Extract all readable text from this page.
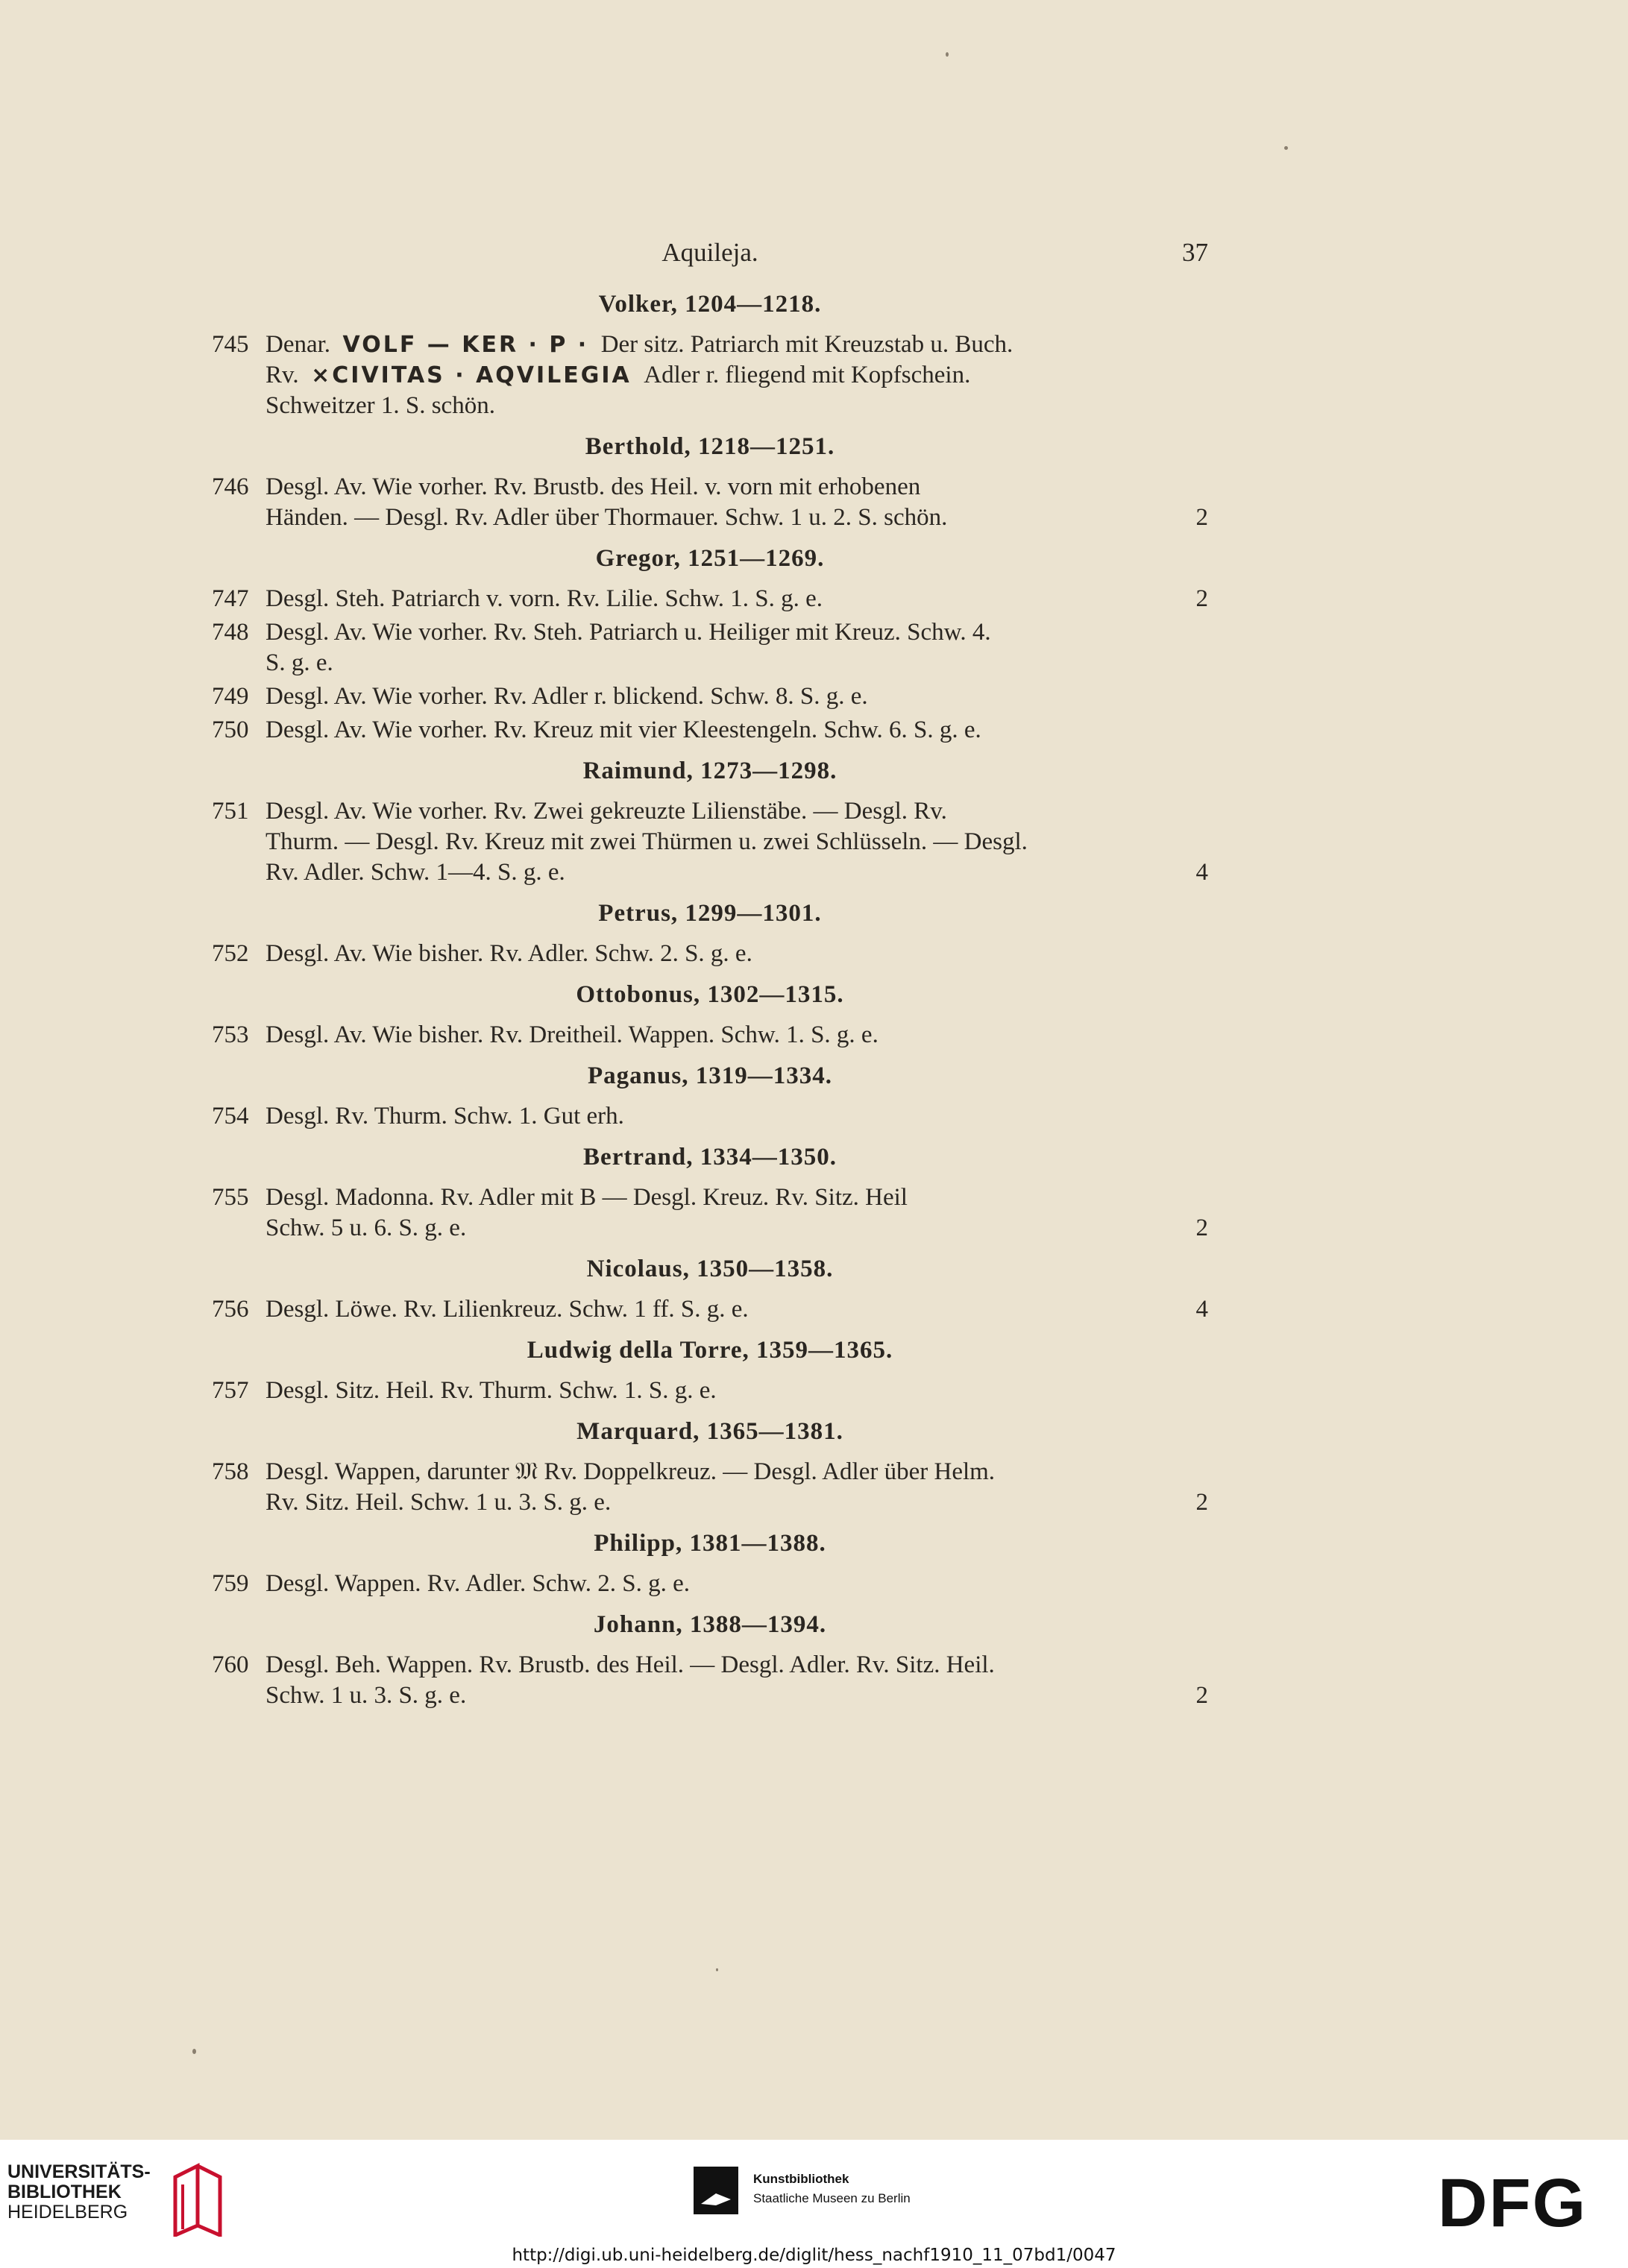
Aquileja.	37
Volker, 1204—1218.
745 Denar. VOLF — KER · P · Der sitz. Patriarch mit Kreuzstab u. Buch.
Rv. ×CIVITAS · AQVILEGIA Adler r. fliegend mit Kopfschein.
Schweitzer 1. S. schön.
Berthold, 1218—1251.
746 Desgl. Av. Wie vorher. Rv. Brustb. des Heil. v. vorn mit erhobenen
Händen. — Desgl. Rv. Adler über Thormauer. Schw. 1 u. 2. S. schön.	2
Gregor, 1251—1269.
747 Desgl. Steh. Patriarch v. vorn. Rv. Lilie. Schw. 1. S. g. e.	2
748 Desgl. Av. Wie vorher. Rv. Steh. Patriarch u. Heiliger mit Kreuz. Schw. 4.
S. g. e.
749 Desgl. Av. Wie vorher. Rv. Adler r. blickend. Schw. 8. S. g. e.
750 Desgl. Av. Wie vorher. Rv. Kreuz mit vier Kleestengeln. Schw. 6. S. g. e.
Raimund, 1273—1298.
751 Desgl. Av. Wie vorher. Rv. Zwei gekreuzte Lilienstäbe. — Desgl. Rv.
Thurm. — Desgl. Rv. Kreuz mit zwei Thürmen u. zwei Schlüsseln. — Desgl.
Rv. Adler. Schw. 1—4. S. g. e.	4
Petrus, 1299—1301.
752 Desgl. Av. Wie bisher. Rv. Adler. Schw. 2. S. g. e.
Ottobonus, 1302—1315.
753 Desgl. Av. Wie bisher. Rv. Dreitheil. Wappen. Schw. 1. S. g. e.
Paganus, 1319—1334.
754 Desgl. Rv. Thurm. Schw. 1. Gut erh.
Bertrand, 1334—1350.
755 Desgl. Madonna. Rv. Adler mit B — Desgl. Kreuz. Rv. Sitz. Heil
Schw. 5 u. 6. S. g. e.	2
Nicolaus, 1350—1358.
756 Desgl. Löwe. Rv. Lilienkreuz. Schw. 1 ff. S. g. e.	4
Ludwig della Torre, 1359—1365.
757 Desgl. Sitz. Heil. Rv. Thurm. Schw. 1. S. g. e.
Marquard, 1365—1381.
758 Desgl. Wappen, darunter 𝔐 Rv. Doppelkreuz. — Desgl. Adler über Helm.
Rv. Sitz. Heil. Schw. 1 u. 3. S. g. e.	2
Philipp, 1381—1388.
759 Desgl. Wappen. Rv. Adler. Schw. 2. S. g. e.
Johann, 1388—1394.
760 Desgl. Beh. Wappen. Rv. Brustb. des Heil. — Desgl. Adler. Rv. Sitz. Heil.
Schw. 1 u. 3. S. g. e.	2
UNIVERSITÄTS-
BIBLIOTHEK
HEIDELBERG
Kunstbibliothek
Staatliche Museen zu Berlin	DFG
http://digi.ub.uni-heidelberg.de/diglit/hess_nachf1910_11_07bd1/0047
